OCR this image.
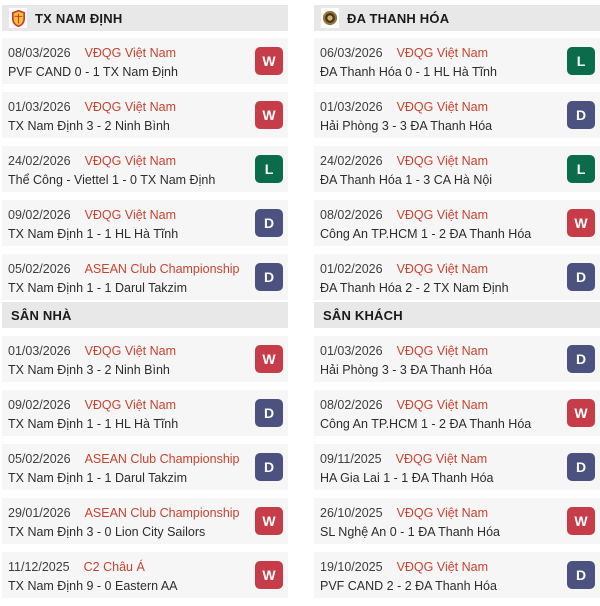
TX NAM ĐỊNH
08/03/2026 VĐQG Việt Nam
PVF CAND 0 - 1 TX Nam Định
W
01/03/2026 VĐQG Việt Nam
TX Nam Định 3 - 2 Ninh Bình
W
24/02/2026 VĐQG Việt Nam
Thể Công - Viettel 1 - 0 TX Nam Định
L
09/02/2026 VĐQG Việt Nam
TX Nam Định 1 - 1 HL Hà Tĩnh
D
05/02/2026 ASEAN Club Championship
TX Nam Định 1 - 1 Darul Takzim
D
SÂN NHÀ
01/03/2026 VĐQG Việt Nam
TX Nam Định 3 - 2 Ninh Bình
W
09/02/2026 VĐQG Việt Nam
TX Nam Định 1 - 1 HL Hà Tĩnh
D
05/02/2026 ASEAN Club Championship
TX Nam Định 1 - 1 Darul Takzim
D
29/01/2026 ASEAN Club Championship
TX Nam Định 3 - 0 Lion City Sailors
W
11/12/2025 C2 Châu Á
TX Nam Định 9 - 0 Eastern AA
W
ĐA THANH HÓA
06/03/2026 VĐQG Việt Nam
ĐA Thanh Hóa 0 - 1 HL Hà Tĩnh
L
01/03/2026 VĐQG Việt Nam
Hải Phòng 3 - 3 ĐA Thanh Hóa
D
24/02/2026 VĐQG Việt Nam
ĐA Thanh Hóa 1 - 3 CA Hà Nội
L
08/02/2026 VĐQG Việt Nam
Công An TP.HCM 1 - 2 ĐA Thanh Hóa
W
01/02/2026 VĐQG Việt Nam
ĐA Thanh Hóa 2 - 2 TX Nam Định
D
SÂN KHÁCH
01/03/2026 VĐQG Việt Nam
Hải Phòng 3 - 3 ĐA Thanh Hóa
D
08/02/2026 VĐQG Việt Nam
Công An TP.HCM 1 - 2 ĐA Thanh Hóa
W
09/11/2025 VĐQG Việt Nam
HA Gia Lai 1 - 1 ĐA Thanh Hóa
D
26/10/2025 VĐQG Việt Nam
SL Nghệ An 0 - 1 ĐA Thanh Hóa
W
19/10/2025 VĐQG Việt Nam
PVF CAND 2 - 2 ĐA Thanh Hóa
D
